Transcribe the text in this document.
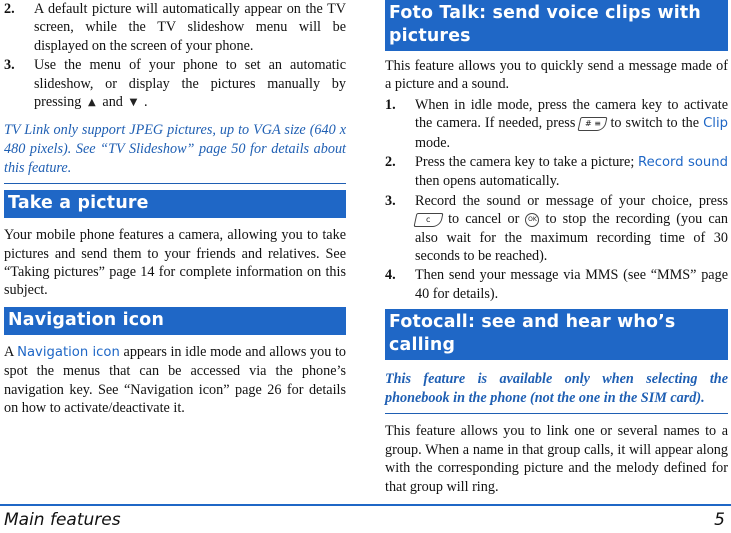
2. A default picture will automatically appear on the TV screen, while the TV slideshow menu will be displayed on the screen of your phone.
3. Use the menu of your phone to set an automatic slideshow, or display the pictures manually by pressing ▲ and ▼ .

TV Link only support JPEG pictures, up to VGA size (640 x 480 pixels). See “TV Slideshow” page 50 for details about this feature.

Take a picture

Your mobile phone features a camera, allowing you to take pictures and send them to your friends and relatives. See “Taking pictures” page 14 for complete information on this subject.

Navigation icon

A Navigation icon appears in idle mode and allows you to spot the menus that can be accessed via the phone’s navigation key. See “Navigation icon” page 26 for details on how to activate/deactivate it.

Foto Talk: send voice clips with pictures

This feature allows you to quickly send a message made of a picture and a sound.

1. When in idle mode, press the camera key to activate the camera. If needed, press # ≡ to switch to the Clip mode.
2. Press the camera key to take a picture; Record sound then opens automatically.
3. Record the sound or message of your choice, press c to cancel or OK to stop the recording (you can also wait for the maximum recording time of 30 seconds to be reached).
4. Then send your message via MMS (see “MMS” page 40 for details).
Fotocall: see and hear who’s calling

This feature is available only when selecting the phonebook in the phone (not the one in the SIM card).

This feature allows you to link one or several names to a group. When a name in that group calls, it will appear along with the corresponding picture and the melody defined for that group will ring.

Main features	5
